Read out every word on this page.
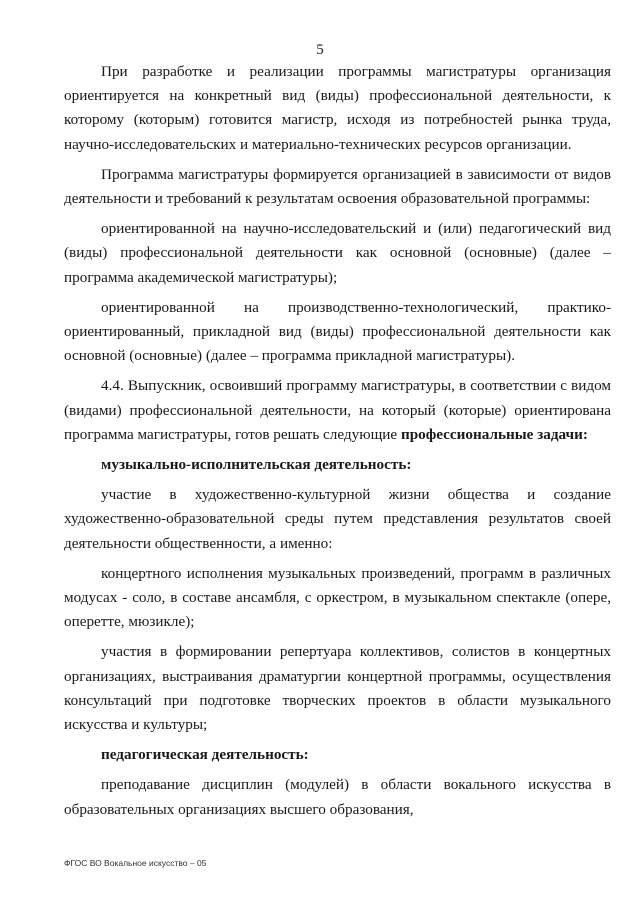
5

При разработке и реализации программы магистратуры организация ориентируется на конкретный вид (виды) профессиональной деятельности, к которому (которым) готовится магистр, исходя из потребностей рынка труда, научно-исследовательских и материально-технических ресурсов организации.

Программа магистратуры формируется организацией в зависимости от видов деятельности и требований к результатам освоения образовательной программы:

ориентированной на научно-исследовательский и (или) педагогический вид (виды) профессиональной деятельности как основной (основные) (далее – программа академической магистратуры);

ориентированной на производственно-технологический, практико-ориентированный, прикладной вид (виды) профессиональной деятельности как основной (основные) (далее – программа прикладной магистратуры).

4.4. Выпускник, освоивший программу магистратуры, в соответствии с видом (видами) профессиональной деятельности, на который (которые) ориентирована программа магистратуры, готов решать следующие профессиональные задачи:

музыкально-исполнительская деятельность:

участие в художественно-культурной жизни общества и создание художественно-образовательной среды путем представления результатов своей деятельности общественности, а именно:

концертного исполнения музыкальных произведений, программ в различных модусах - соло, в составе ансамбля, с оркестром, в музыкальном спектакле (опере, оперетте, мюзикле);

участия в формировании репертуара коллективов, солистов в концертных организациях, выстраивания драматургии концертной программы, осуществления консультаций при подготовке творческих проектов в области музыкального искусства и культуры;

педагогическая деятельность:

преподавание дисциплин (модулей) в области вокального искусства в образовательных организациях высшего образования,

ФГОС ВО Вокальное искусство – 05
